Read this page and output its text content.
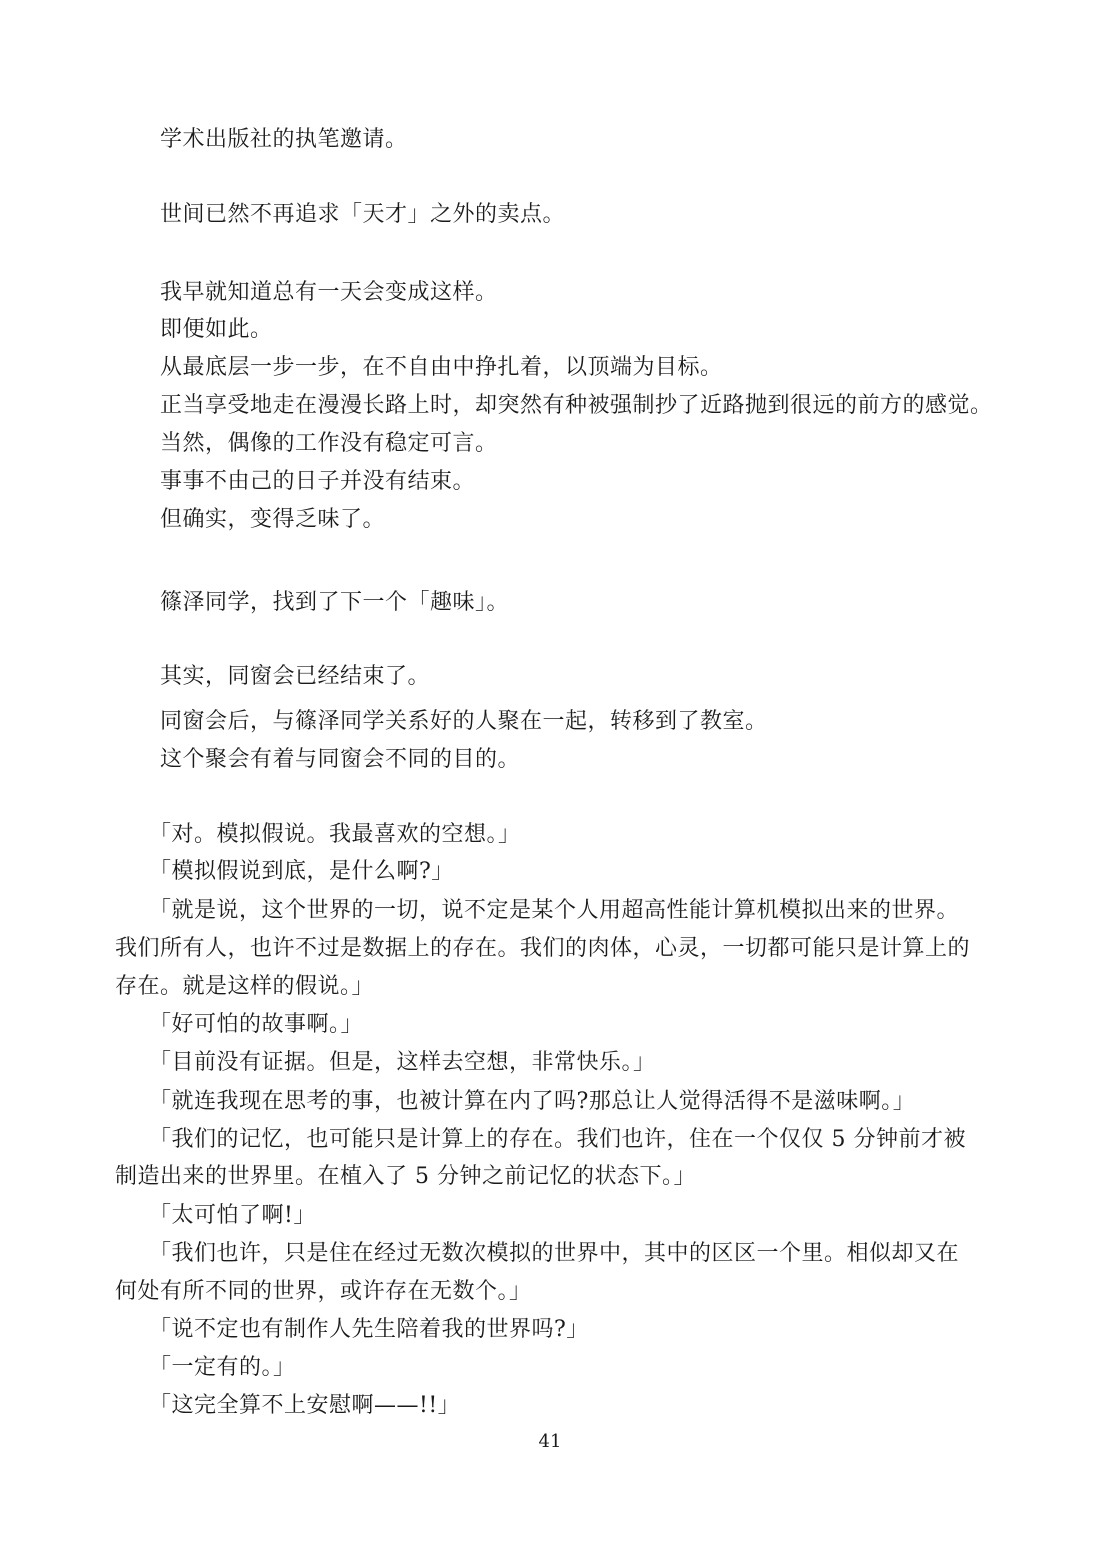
　　学术出版社的执笔邀请。

　　世间已然不再追求「天才」之外的卖点。

　　我早就知道总有一天会变成这样。

　　即便如此。

　　从最底层一步一步，在不自由中挣扎着，以顶端为目标。

　　正当享受地走在漫漫长路上时，却突然有种被强制抄了近路抛到很远的前方的感觉。

　　当然，偶像的工作没有稳定可言。

　　事事不由己的日子并没有结束。

　　但确实，变得乏味了。

　　篠泽同学，找到了下一个「趣味」。

　　其实，同窗会已经结束了。

　　同窗会后，与篠泽同学关系好的人聚在一起，转移到了教室。

　　这个聚会有着与同窗会不同的目的。

　　「对。模拟假说。我最喜欢的空想。」

　　「模拟假说到底，是什么啊?」

　　「就是说，这个世界的一切，说不定是某个人用超高性能计算机模拟出来的世界。

我们所有人，也许不过是数据上的存在。我们的肉体，心灵，一切都可能只是计算上的

存在。就是这样的假说。」

　　「好可怕的故事啊。」

　　「目前没有证据。但是，这样去空想，非常快乐。」

　　「就连我现在思考的事，也被计算在内了吗?那总让人觉得活得不是滋味啊。」

　　「我们的记忆，也可能只是计算上的存在。我们也许，住在一个仅仅 5 分钟前才被

制造出来的世界里。在植入了 5 分钟之前记忆的状态下。」

　　「太可怕了啊!」

　　「我们也许，只是住在经过无数次模拟的世界中，其中的区区一个里。相似却又在

何处有所不同的世界，或许存在无数个。」

　　「说不定也有制作人先生陪着我的世界吗?」

　　「一定有的。」

　　「这完全算不上安慰啊——!!」

41
